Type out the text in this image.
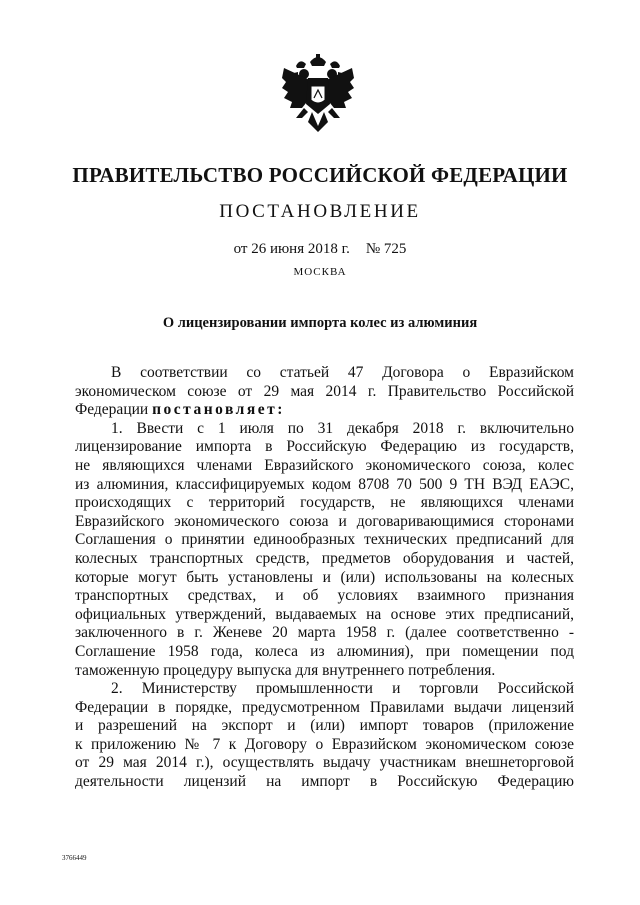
ПРАВИТЕЛЬСТВО РОССИЙСКОЙ ФЕДЕРАЦИИ
ПОСТАНОВЛЕНИЕ
от 26 июня 2018 г. № 725
МОСКВА
О лицензировании импорта колес из алюминия
В соответствии со статьей 47 Договора о Евразийском
экономическом союзе от 29 мая 2014 г. Правительство Российской
Федерации постановляет:
1. Ввести с 1 июля по 31 декабря 2018 г. включительно
лицензирование импорта в Российскую Федерацию из государств,
не являющихся членами Евразийского экономического союза, колес
из алюминия, классифицируемых кодом 8708 70 500 9 ТН ВЭД ЕАЭС,
происходящих с территорий государств, не являющихся членами
Евразийского экономического союза и договаривающимися сторонами
Соглашения о принятии единообразных технических предписаний для
колесных транспортных средств, предметов оборудования и частей,
которые могут быть установлены и (или) использованы на колесных
транспортных средствах, и об условиях взаимного признания
официальных утверждений, выдаваемых на основе этих предписаний,
заключенного в г. Женеве 20 марта 1958 г. (далее соответственно -
Соглашение 1958 года, колеса из алюминия), при помещении под
таможенную процедуру выпуска для внутреннего потребления.
2. Министерству промышленности и торговли Российской
Федерации в порядке, предусмотренном Правилами выдачи лицензий
и разрешений на экспорт и (или) импорт товаров (приложение
к приложению № 7 к Договору о Евразийском экономическом союзе
от 29 мая 2014 г.), осуществлять выдачу участникам внешнеторговой
деятельности лицензий на импорт в Российскую Федерацию
3766449
